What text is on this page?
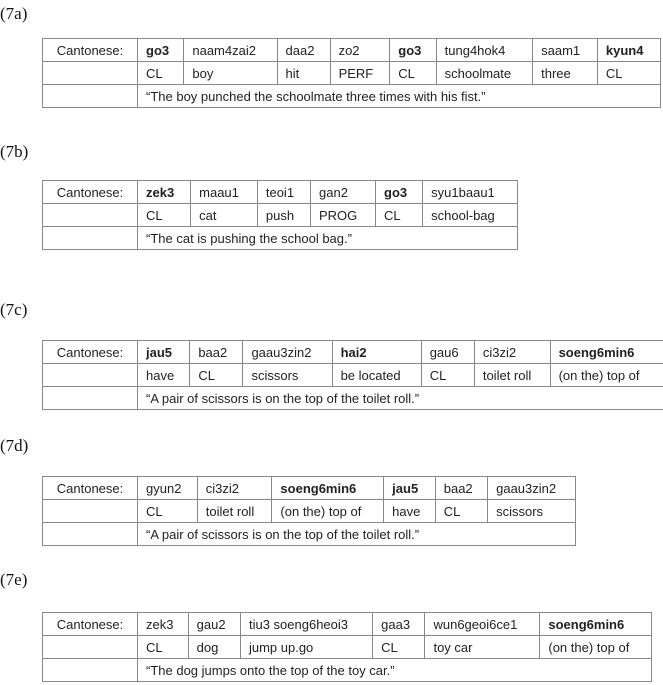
(7a)
Cantonese:	go3	naam4zai2	daa2	zo2	go3	tung4hok4	saam1	kyun4
	CL	boy	hit	PERF	CL	schoolmate	three	CL
	“The boy punched the schoolmate three times with his fist.”							
(7b)
Cantonese:	zek3	maau1	teoi1	gan2	go3	syu1baau1
	CL	cat	push	PROG	CL	school-bag
	“The cat is pushing the school bag.”					
(7c)
Cantonese:	jau5	baa2	gaau3zin2	hai2	gau6	ci3zi2	soeng6min6
	have	CL	scissors	be located	CL	toilet roll	(on the) top of
	“A pair of scissors is on the top of the toilet roll.”						
(7d)
Cantonese:	gyun2	ci3zi2	soeng6min6	jau5	baa2	gaau3zin2
	CL	toilet roll	(on the) top of	have	CL	scissors
	“A pair of scissors is on the top of the toilet roll.”					
(7e)
Cantonese:	zek3	gau2	tiu3 soeng6heoi3	gaa3	wun6geoi6ce1	soeng6min6
	CL	dog	jump up.go	CL	toy car	(on the) top of
	“The dog jumps onto the top of the toy car.”					
